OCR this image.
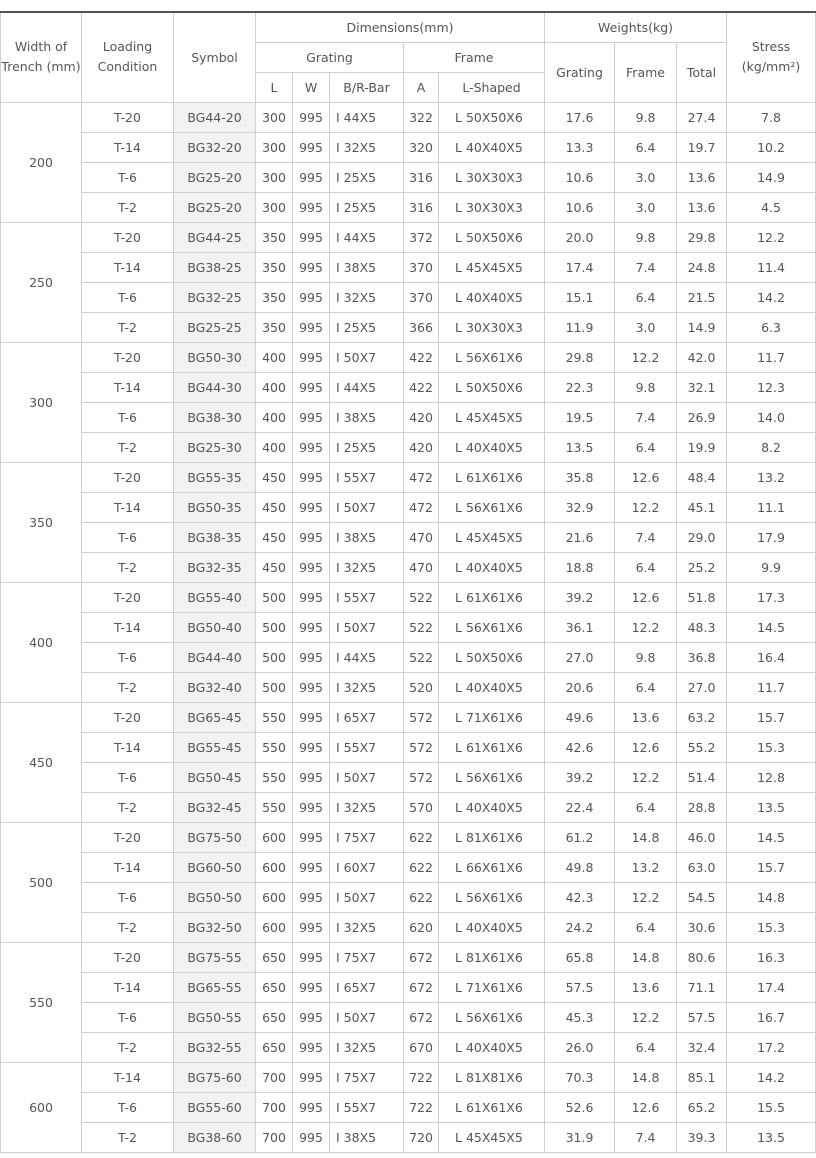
Width of Trench (mm)	Loading Condition	Symbol	Dimensions(mm)					Weights(kg)			Stress (kg/mm²)
			Grating			Frame		Grating	Frame	Total	
			L	W	B/R-Bar	A	L-Shaped				
200	T-20	BG44-20	300	995	I 44X5	322	L 50X50X6	17.6	9.8	27.4	7.8
	T-14	BG32-20	300	995	I 32X5	320	L 40X40X5	13.3	6.4	19.7	10.2
	T-6	BG25-20	300	995	I 25X5	316	L 30X30X3	10.6	3.0	13.6	14.9
	T-2	BG25-20	300	995	I 25X5	316	L 30X30X3	10.6	3.0	13.6	4.5
250	T-20	BG44-25	350	995	I 44X5	372	L 50X50X6	20.0	9.8	29.8	12.2
	T-14	BG38-25	350	995	I 38X5	370	L 45X45X5	17.4	7.4	24.8	11.4
	T-6	BG32-25	350	995	I 32X5	370	L 40X40X5	15.1	6.4	21.5	14.2
	T-2	BG25-25	350	995	I 25X5	366	L 30X30X3	11.9	3.0	14.9	6.3
300	T-20	BG50-30	400	995	I 50X7	422	L 56X61X6	29.8	12.2	42.0	11.7
	T-14	BG44-30	400	995	I 44X5	422	L 50X50X6	22.3	9.8	32.1	12.3
	T-6	BG38-30	400	995	I 38X5	420	L 45X45X5	19.5	7.4	26.9	14.0
	T-2	BG25-30	400	995	I 25X5	420	L 40X40X5	13.5	6.4	19.9	8.2
350	T-20	BG55-35	450	995	I 55X7	472	L 61X61X6	35.8	12.6	48.4	13.2
	T-14	BG50-35	450	995	I 50X7	472	L 56X61X6	32.9	12.2	45.1	11.1
	T-6	BG38-35	450	995	I 38X5	470	L 45X45X5	21.6	7.4	29.0	17.9
	T-2	BG32-35	450	995	I 32X5	470	L 40X40X5	18.8	6.4	25.2	9.9
400	T-20	BG55-40	500	995	I 55X7	522	L 61X61X6	39.2	12.6	51.8	17.3
	T-14	BG50-40	500	995	I 50X7	522	L 56X61X6	36.1	12.2	48.3	14.5
	T-6	BG44-40	500	995	I 44X5	522	L 50X50X6	27.0	9.8	36.8	16.4
	T-2	BG32-40	500	995	I 32X5	520	L 40X40X5	20.6	6.4	27.0	11.7
450	T-20	BG65-45	550	995	I 65X7	572	L 71X61X6	49.6	13.6	63.2	15.7
	T-14	BG55-45	550	995	I 55X7	572	L 61X61X6	42.6	12.6	55.2	15.3
	T-6	BG50-45	550	995	I 50X7	572	L 56X61X6	39.2	12.2	51.4	12.8
	T-2	BG32-45	550	995	I 32X5	570	L 40X40X5	22.4	6.4	28.8	13.5
500	T-20	BG75-50	600	995	I 75X7	622	L 81X61X6	61.2	14.8	46.0	14.5
	T-14	BG60-50	600	995	I 60X7	622	L 66X61X6	49.8	13.2	63.0	15.7
	T-6	BG50-50	600	995	I 50X7	622	L 56X61X6	42.3	12.2	54.5	14.8
	T-2	BG32-50	600	995	I 32X5	620	L 40X40X5	24.2	6.4	30.6	15.3
550	T-20	BG75-55	650	995	I 75X7	672	L 81X61X6	65.8	14.8	80.6	16.3
	T-14	BG65-55	650	995	I 65X7	672	L 71X61X6	57.5	13.6	71.1	17.4
	T-6	BG50-55	650	995	I 50X7	672	L 56X61X6	45.3	12.2	57.5	16.7
	T-2	BG32-55	650	995	I 32X5	670	L 40X40X5	26.0	6.4	32.4	17.2
600	T-14	BG75-60	700	995	I 75X7	722	L 81X81X6	70.3	14.8	85.1	14.2
	T-6	BG55-60	700	995	I 55X7	722	L 61X61X6	52.6	12.6	65.2	15.5
	T-2	BG38-60	700	995	I 38X5	720	L 45X45X5	31.9	7.4	39.3	13.5
